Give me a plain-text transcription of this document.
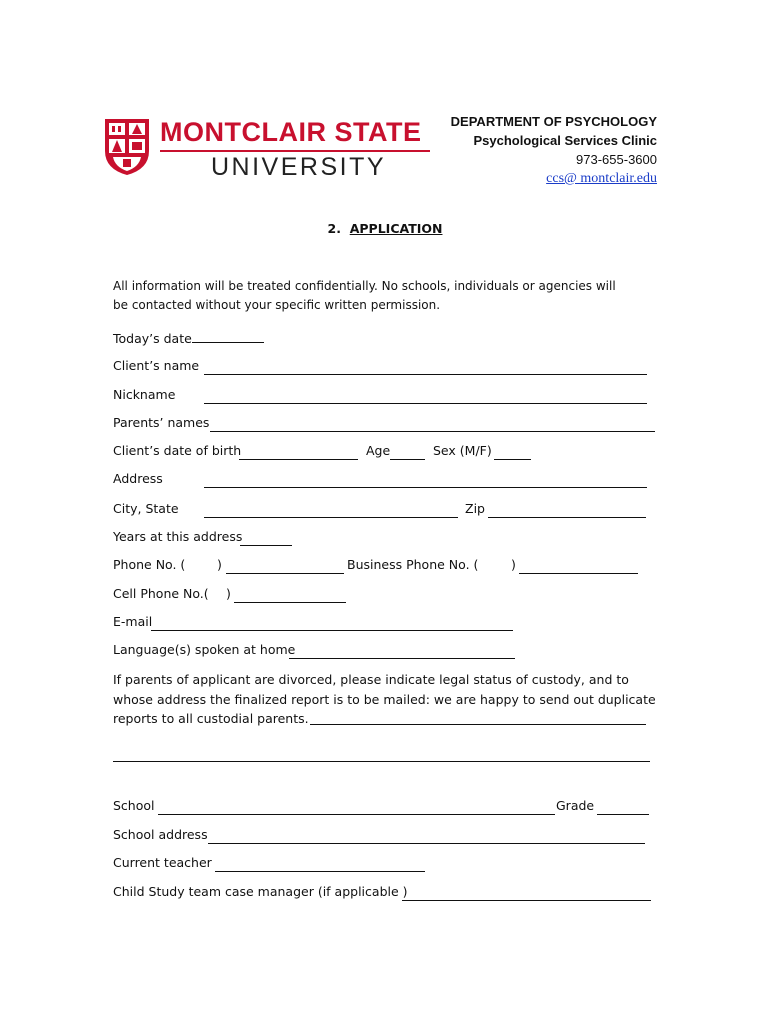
MONTCLAIR STATE
UNIVERSITY
DEPARTMENT OF PSYCHOLOGY
Psychological Services Clinic
973-655-3600
ccs@ montclair.edu
2. APPLICATION
All information will be treated confidentially. No schools, individuals or agencies will be contacted without your specific written permission.
Today’s date
Client’s name
Nickname
Parents’ names
Client’s date of birth	Age	Sex (M/F)
Address
City, State	Zip
Years at this address
Phone No. (	)	Business Phone No. (	)
Cell Phone No.( )
E-mail
Language(s) spoken at home
If parents of applicant are divorced, please indicate legal status of custody, and to whose address the finalized report is to be mailed: we are happy to send out duplicate reports to all custodial parents.
School	Grade
School address
Current teacher
Child Study team case manager (if applicable )
